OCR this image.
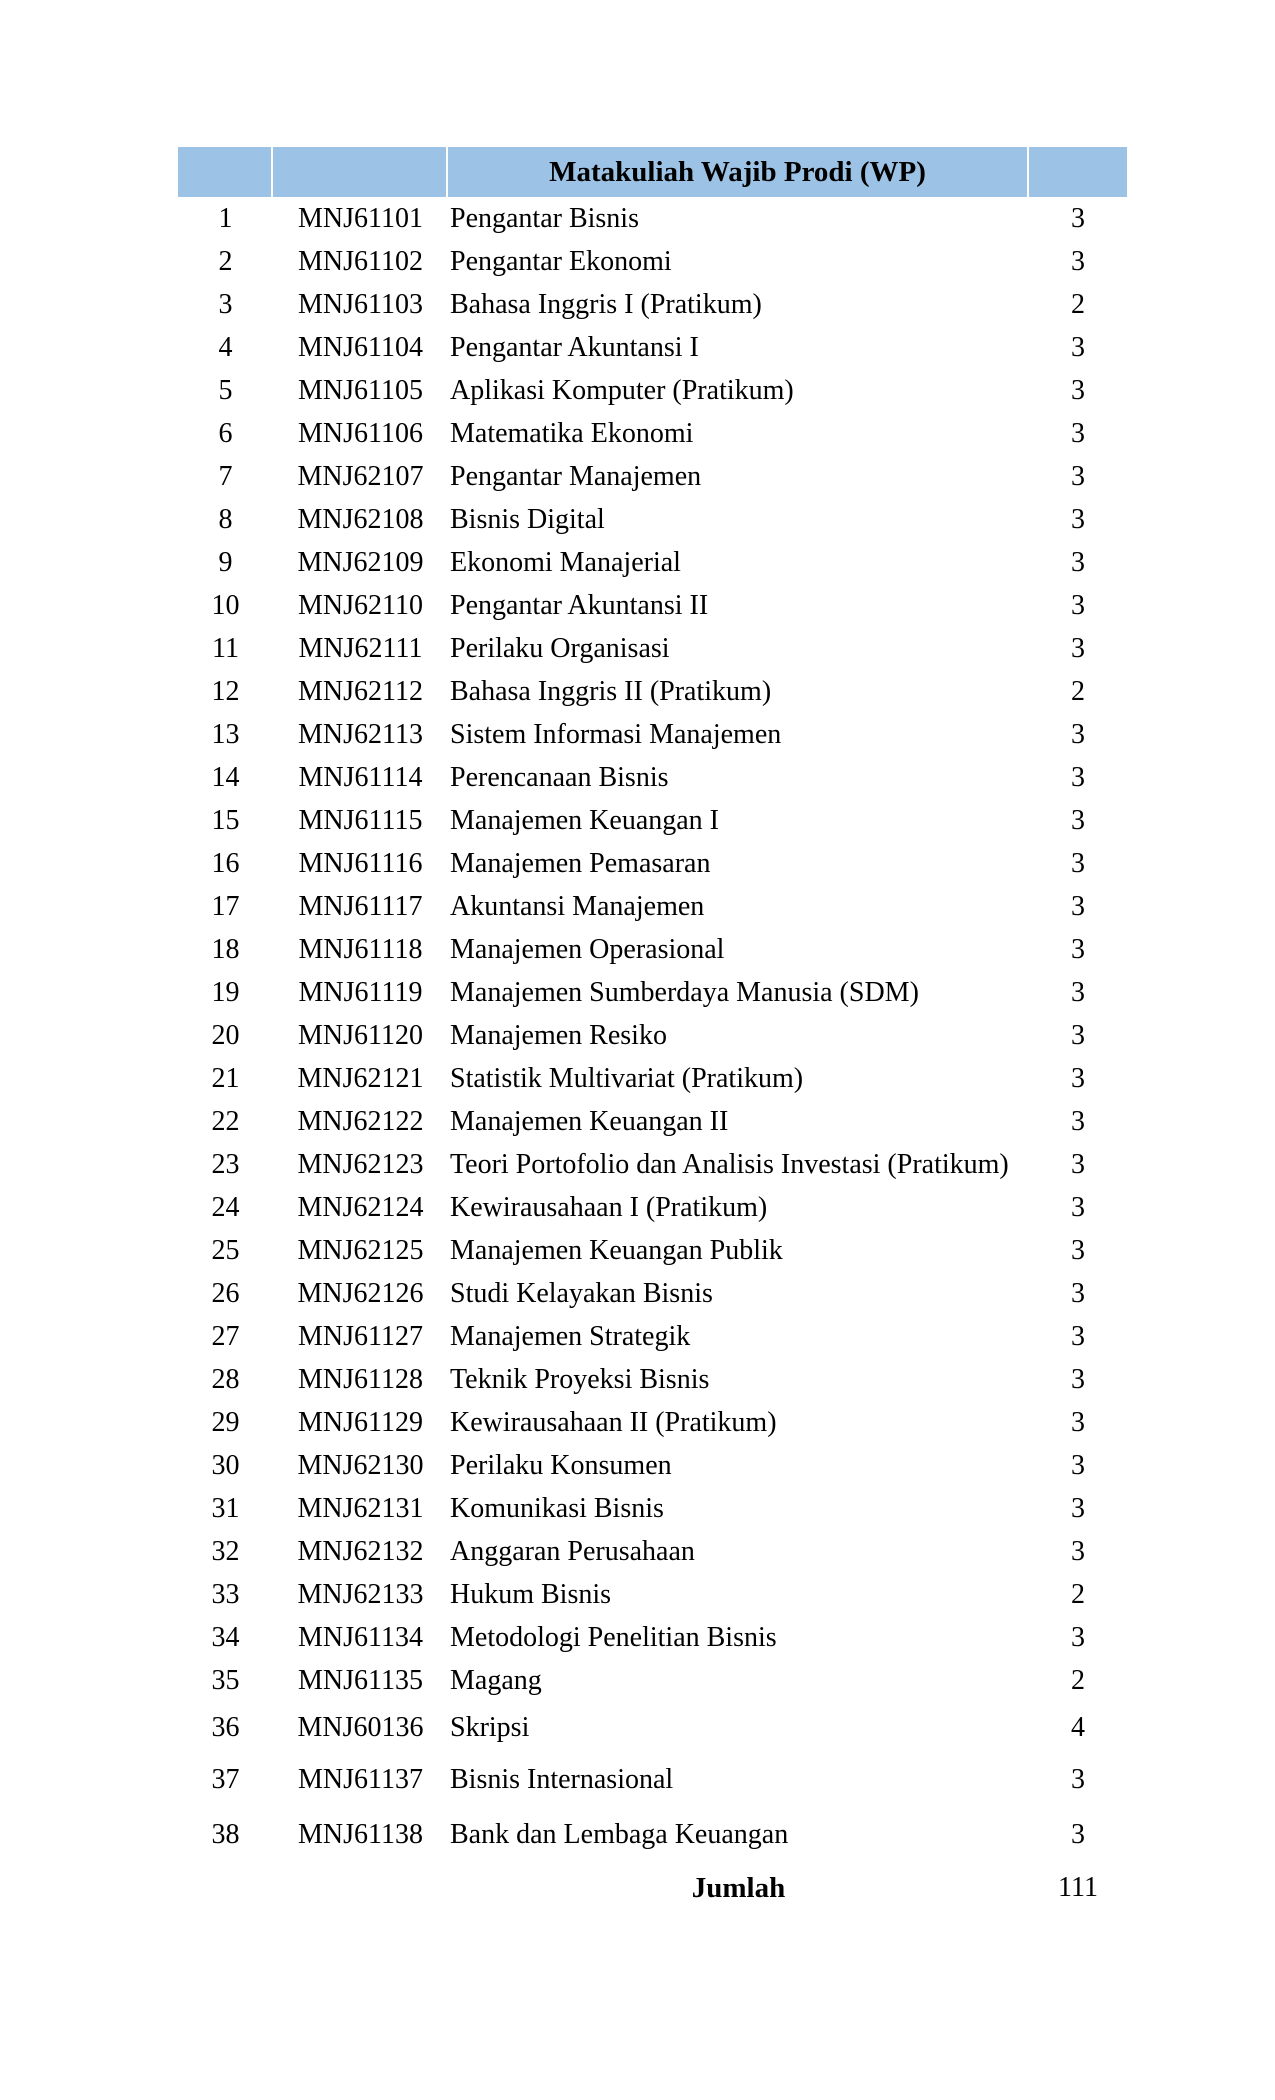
Matakuliah Wajib Prodi (WP)
1	MNJ61101 Pengantar Bisnis	3
2	MNJ61102 Pengantar Ekonomi	3
3	MNJ61103 Bahasa Inggris I (Pratikum)	2
4	MNJ61104 Pengantar Akuntansi I	3
5	MNJ61105 Aplikasi Komputer (Pratikum)	3
6	MNJ61106 Matematika Ekonomi	3
7	MNJ62107 Pengantar Manajemen	3
8	MNJ62108 Bisnis Digital	3
9	MNJ62109 Ekonomi Manajerial	3
10	MNJ62110 Pengantar Akuntansi II	3
11	MNJ62111 Perilaku Organisasi	3
12	MNJ62112 Bahasa Inggris II (Pratikum)	2
13	MNJ62113 Sistem Informasi Manajemen	3
14	MNJ61114 Perencanaan Bisnis	3
15	MNJ61115 Manajemen Keuangan I	3
16	MNJ61116 Manajemen Pemasaran	3
17	MNJ61117 Akuntansi Manajemen	3
18	MNJ61118 Manajemen Operasional	3
19	MNJ61119 Manajemen Sumberdaya Manusia (SDM)	3
20	MNJ61120 Manajemen Resiko	3
21	MNJ62121 Statistik Multivariat (Pratikum)	3
22	MNJ62122 Manajemen Keuangan II	3
23	MNJ62123 Teori Portofolio dan Analisis Investasi (Pratikum)	3
24	MNJ62124 Kewirausahaan I (Pratikum)	3
25	MNJ62125 Manajemen Keuangan Publik	3
26	MNJ62126 Studi Kelayakan Bisnis	3
27	MNJ61127 Manajemen Strategik	3
28	MNJ61128 Teknik Proyeksi Bisnis	3
29	MNJ61129 Kewirausahaan II (Pratikum)	3
30	MNJ62130 Perilaku Konsumen	3
31	MNJ62131 Komunikasi Bisnis	3
32	MNJ62132 Anggaran Perusahaan	3
33	MNJ62133 Hukum Bisnis	2
34	MNJ61134 Metodologi Penelitian Bisnis	3
35	MNJ61135 Magang	2
36	MNJ60136 Skripsi	4
37	MNJ61137 Bisnis Internasional	3
38	MNJ61138 Bank dan Lembaga Keuangan	3
Jumlah	111
